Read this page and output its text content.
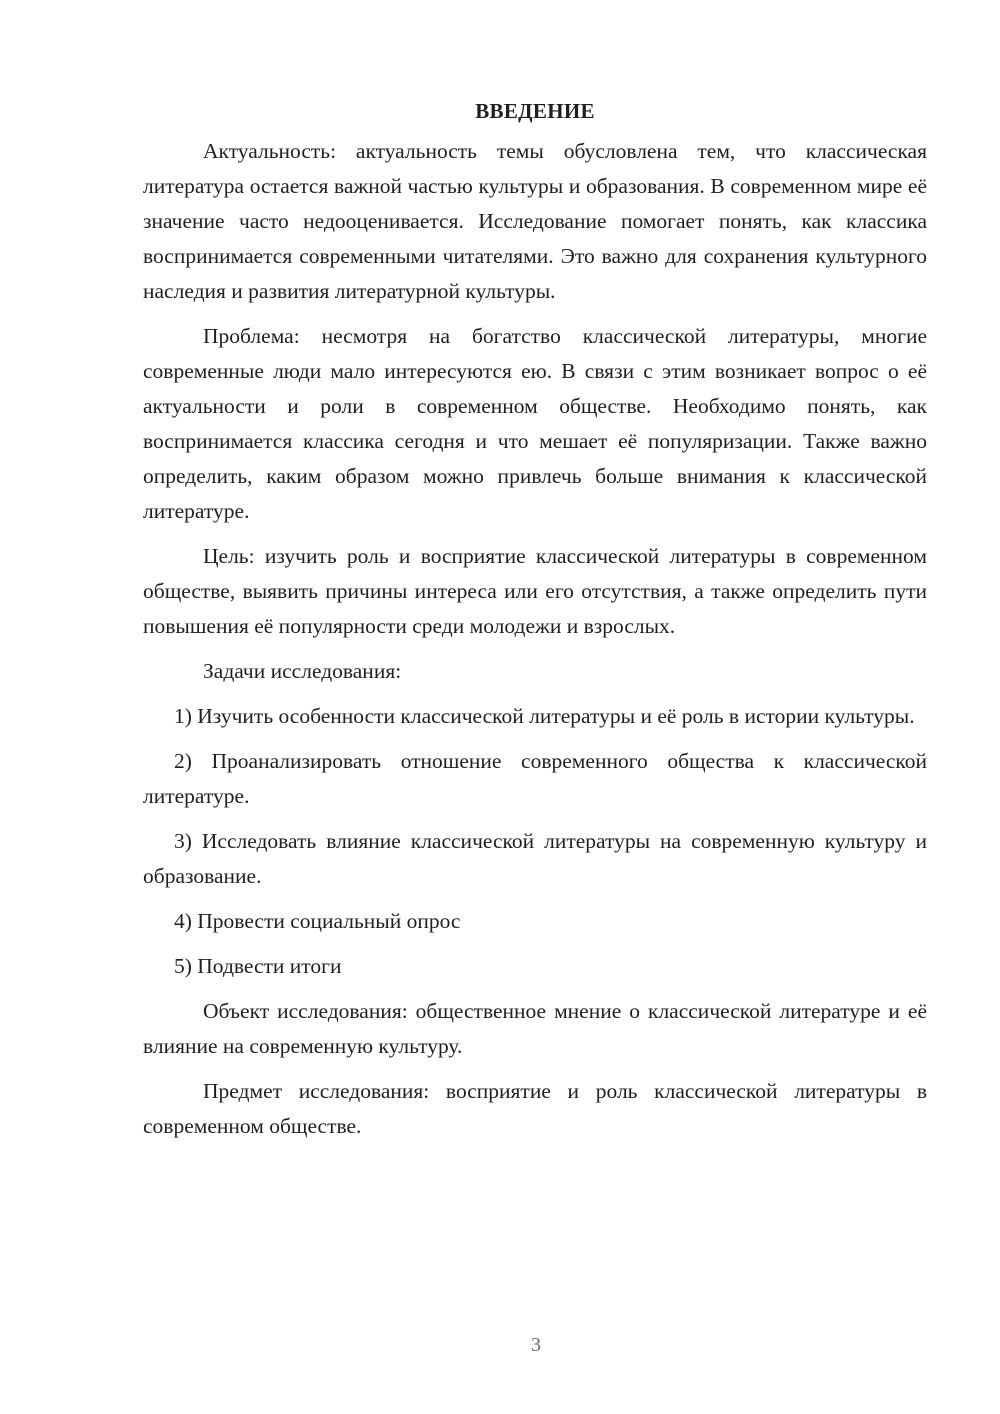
ВВЕДЕНИЕ

Актуальность: актуальность темы обусловлена тем, что классическая литература остается важной частью культуры и образования. В современном мире её значение часто недооценивается. Исследование помогает понять, как классика воспринимается современными читателями. Это важно для сохранения культурного наследия и развития литературной культуры.

Проблема: несмотря на богатство классической литературы, многие современные люди мало интересуются ею. В связи с этим возникает вопрос о её актуальности и роли в современном обществе. Необходимо понять, как воспринимается классика сегодня и что мешает её популяризации. Также важно определить, каким образом можно привлечь больше внимания к классической литературе.

Цель: изучить роль и восприятие классической литературы в современном обществе, выявить причины интереса или его отсутствия, а также определить пути повышения её популярности среди молодежи и взрослых.

Задачи исследования:

1) Изучить особенности классической литературы и её роль в истории культуры.

2) Проанализировать отношение современного общества к классической литературе.

3) Исследовать влияние классической литературы на современную культуру и образование.

4) Провести социальный опрос

5) Подвести итоги

Объект исследования: общественное мнение о классической литературе и её влияние на современную культуру.

Предмет исследования: восприятие и роль классической литературы в современном обществе.

3
